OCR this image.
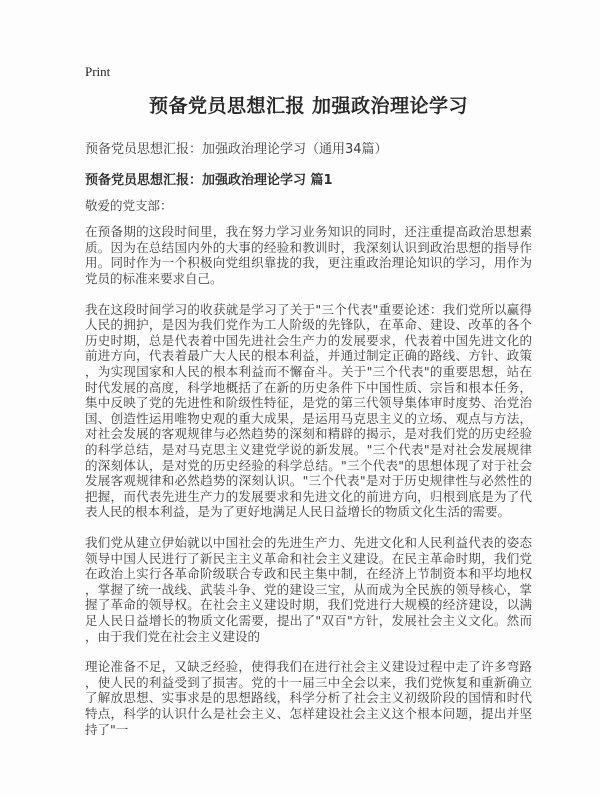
Print
预备党员思想汇报 加强政治理论学习
预备党员思想汇报：加强政治理论学习（通用34篇）
预备党员思想汇报：加强政治理论学习 篇1
敬爱的党支部：

在预备期的这段时间里，我在努力学习业务知识的同时，还注重提高政治思想素质。因为在总结国内外的大事的经验和教训时，我深刻认识到政治思想的指导作用。同时作为一个积极向党组织靠拢的我，更注重政治理论知识的学习，用作为党员的标准来要求自己。

我在这段时间学习的收获就是学习了关于"三个代表"重要论述：我们党所以赢得人民的拥护，是因为我们党作为工人阶级的先锋队，在革命、建设、改革的各个历史时期，总是代表着中国先进社会生产力的发展要求，代表着中国先进文化的前进方向，代表着最广大人民的根本利益，并通过制定正确的路线、方针、政策，为实现国家和人民的根本利益而不懈奋斗。关于"三个代表"的重要思想，站在时代发展的高度，科学地概括了在新的历史条件下中国性质、宗旨和根本任务，集中反映了党的先进性和阶级性特征，是党的第三代领导集体审时度势、治党治国、创造性运用唯物史观的重大成果，是运用马克思主义的立场、观点与方法，对社会发展的客观规律与必然趋势的深刻和精辟的揭示，是对我们党的历史经验的科学总结，是对马克思主义建党学说的新发展。"三个代表"是对社会发展规律的深刻体认，是对党的历史经验的科学总结。"三个代表"的思想体现了对于社会发展客观规律和必然趋势的深刻认识。"三个代表"是对于历史规律性与必然性的把握，而代表先进生产力的发展要求和先进文化的前进方向，归根到底是为了代表人民的根本利益，是为了更好地满足人民日益增长的物质文化生活的需要。

我们党从建立伊始就以中国社会的先进生产力、先进文化和人民利益代表的姿态领导中国人民进行了新民主主义革命和社会主义建设。在民主革命时期，我们党在政治上实行各革命阶级联合专政和民主集中制，在经济上节制资本和平均地权，掌握了统一战线、武装斗争、党的建设三宝，从而成为全民族的领导核心，掌握了革命的领导权。在社会主义建设时期，我们党进行大规模的经济建设，以满足人民日益增长的物质文化需要，提出了"双百"方针，发展社会主义文化。然而，由于我们党在社会主义建设的

理论准备不足，又缺乏经验，使得我们在进行社会主义建设过程中走了许多弯路，使人民的利益受到了损害。党的十一届三中全会以来，我们党恢复和重新确立了解放思想、实事求是的思想路线，科学分析了社会主义初级阶段的国情和时代特点，科学的认识什么是社会主义、怎样建设社会主义这个根本问题，提出并坚持了"一
